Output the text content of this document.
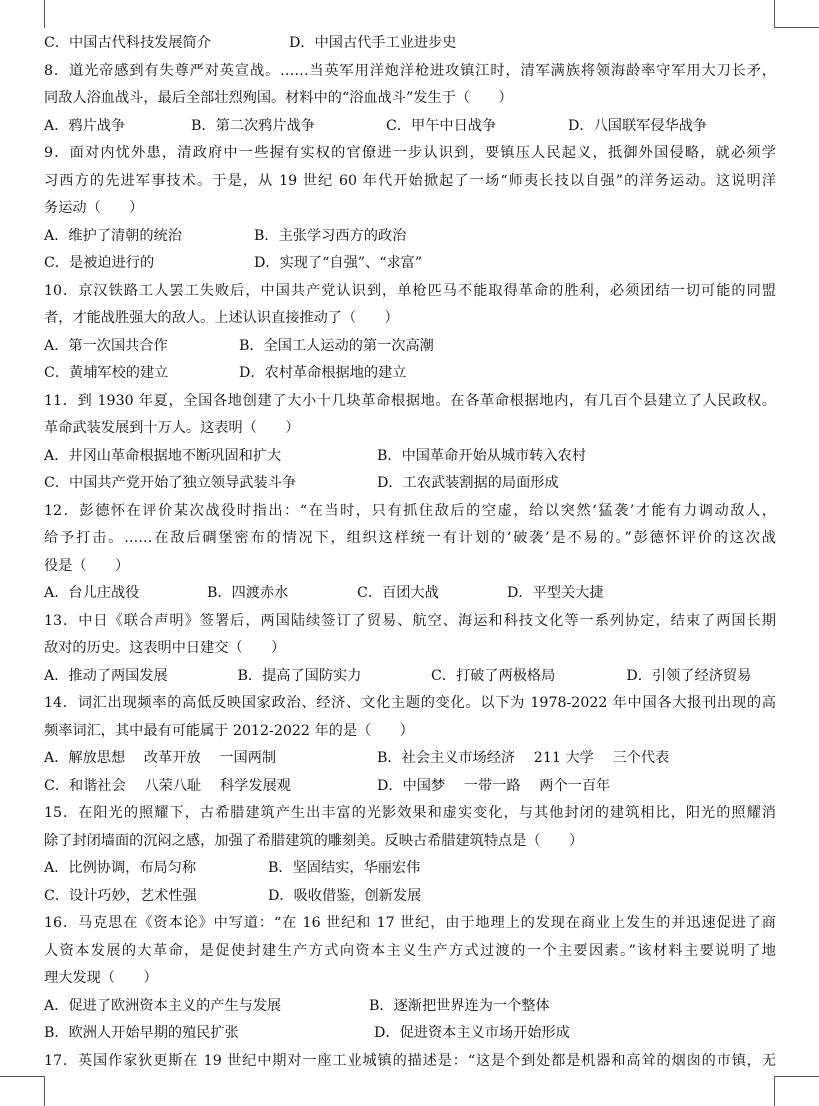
C．中国古代科技发展简介	D．中国古代手工业进步史
8．道光帝感到有失尊严对英宣战。……当英军用洋炮洋枪进攻镇江时，清军满族将领海龄率守军用大刀长矛，
同敌人浴血战斗，最后全部壮烈殉国。材料中的“浴血战斗”发生于（　　）
A．鸦片战争	B．第二次鸦片战争	C．甲午中日战争	D．八国联军侵华战争
9．面对内忧外患，清政府中一些握有实权的官僚进一步认识到，要镇压人民起义，抵御外国侵略，就必须学
习西方的先进军事技术。于是，从 19 世纪 60 年代开始掀起了一场“师夷长技以自强”的洋务运动。这说明洋
务运动（　　）
A．维护了清朝的统治	B．主张学习西方的政治
C．是被迫进行的	D．实现了“自强”、“求富”
10．京汉铁路工人罢工失败后，中国共产党认识到，单枪匹马不能取得革命的胜利，必须团结一切可能的同盟
者，才能战胜强大的敌人。上述认识直接推动了（　　）
A．第一次国共合作	B．全国工人运动的第一次高潮
C．黄埔军校的建立	D．农村革命根据地的建立
11．到 1930 年夏，全国各地创建了大小十几块革命根据地。在各革命根据地内，有几百个县建立了人民政权。
革命武装发展到十万人。这表明（　　）
A．井冈山革命根据地不断巩固和扩大	B．中国革命开始从城市转入农村
C．中国共产党开始了独立领导武装斗争	D．工农武装割据的局面形成
12．彭德怀在评价某次战役时指出：“在当时，只有抓住敌后的空虚，给以突然‘猛袭’才能有力调动敌人，
给予打击。……在敌后碉堡密布的情况下，组织这样统一有计划的‘破袭’是不易的。”彭德怀评价的这次战
役是（　　）
A．台儿庄战役	B．四渡赤水	C．百团大战	D．平型关大捷
13．中日《联合声明》签署后，两国陆续签订了贸易、航空、海运和科技文化等一系列协定，结束了两国长期
敌对的历史。这表明中日建交（　　）
A．推动了两国发展	B．提高了国防实力	C．打破了两极格局	D．引领了经济贸易
14．词汇出现频率的高低反映国家政治、经济、文化主题的变化。以下为 1978-2022 年中国各大报刊出现的高
频率词汇，其中最有可能属于 2012-2022 年的是（　　）
A．解放思想　 改革开放　 一国两制	B．社会主义市场经济　 211 大学　 三个代表
C．和谐社会　 八荣八耻　 科学发展观	D．中国梦　 一带一路　 两个一百年
15．在阳光的照耀下，古希腊建筑产生出丰富的光影效果和虚实变化，与其他封闭的建筑相比，阳光的照耀消
除了封闭墙面的沉闷之感，加强了希腊建筑的雕刻美。反映古希腊建筑特点是（　　）
A．比例协调，布局匀称	B．坚固结实，华丽宏伟
C．设计巧妙，艺术性强	D．吸收借鉴，创新发展
16．马克思在《资本论》中写道：“在 16 世纪和 17 世纪，由于地理上的发现在商业上发生的并迅速促进了商
人资本发展的大革命，是促使封建生产方式向资本主义生产方式过渡的一个主要因素。”该材料主要说明了地
理大发现（　　）
A．促进了欧洲资本主义的产生与发展	B．逐渐把世界连为一个整体
B．欧洲人开始早期的殖民扩张	D．促进资本主义市场开始形成
17．英国作家狄更斯在 19 世纪中期对一座工业城镇的描述是：“这是个到处都是机器和高耸的烟囱的市镇，无
